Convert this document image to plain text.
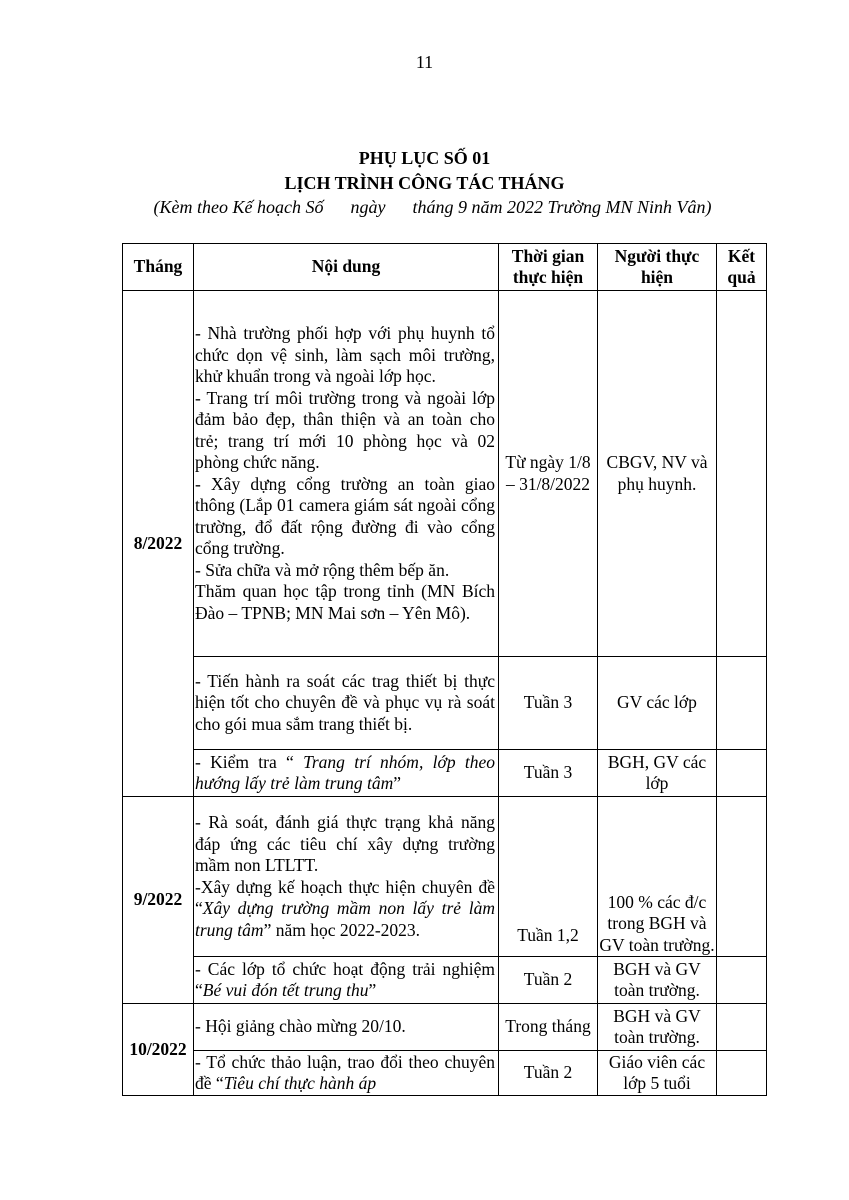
11
PHỤ LỤC SỐ 01
LỊCH TRÌNH CÔNG TÁC THÁNG
(Kèm theo Kế hoạch Số      ngày      tháng 9 năm 2022 Trường MN Ninh Vân)
Tháng	Nội dung	Thời gian thực hiện	Người thực hiện	Kết quả
8/2022	- Nhà trường phối hợp với phụ huynh tổ chức dọn vệ sinh, làm sạch môi trường, khử khuẩn trong và ngoài lớp học.
- Trang trí môi trường trong và ngoài lớp đảm bảo đẹp, thân thiện và an toàn cho trẻ; trang trí mới 10 phòng học và 02 phòng chức năng.
- Xây dựng cổng trường an toàn giao thông (Lắp 01 camera giám sát ngoài cổng trường, đổ đất rộng đường đi vào cổng cổng trường.
- Sửa chữa và mở rộng thêm bếp ăn.
Thăm quan học tập trong tỉnh (MN Bích Đào – TPNB; MN Mai sơn – Yên Mô).	Từ ngày 1/8 – 31/8/2022	CBGV, NV và phụ huynh.	

	- Tiến hành ra soát các trag thiết bị thực hiện tốt cho chuyên đề và phục vụ rà soát cho gói mua sắm trang thiết bị.	Tuần 3	GV các lớp	
	- Kiểm tra “ Trang trí nhóm, lớp theo hướng lấy trẻ làm trung tâm”	Tuần 3	BGH, GV các lớp	
9/2022	- Rà soát, đánh giá thực trạng khả năng đáp ứng các tiêu chí xây dựng trường mầm non LTLTT.
-Xây dựng kế hoạch thực hiện chuyên đề “Xây dựng trường mầm non lấy trẻ làm trung tâm” năm học 2022-2023.	Tuần 1,2	100 % các đ/c trong BGH và GV toàn trường.	
	- Các lớp tổ chức hoạt động trải nghiệm “Bé vui đón tết trung thu”	Tuần 2	BGH và GV toàn trường.	
10/2022	- Hội giảng chào mừng 20/10.	Trong tháng	BGH và GV toàn trường.	
	- Tổ chức thảo luận, trao đổi theo chuyên đề “Tiêu chí thực hành áp	Tuần 2	Giáo viên các lớp 5 tuổi	
